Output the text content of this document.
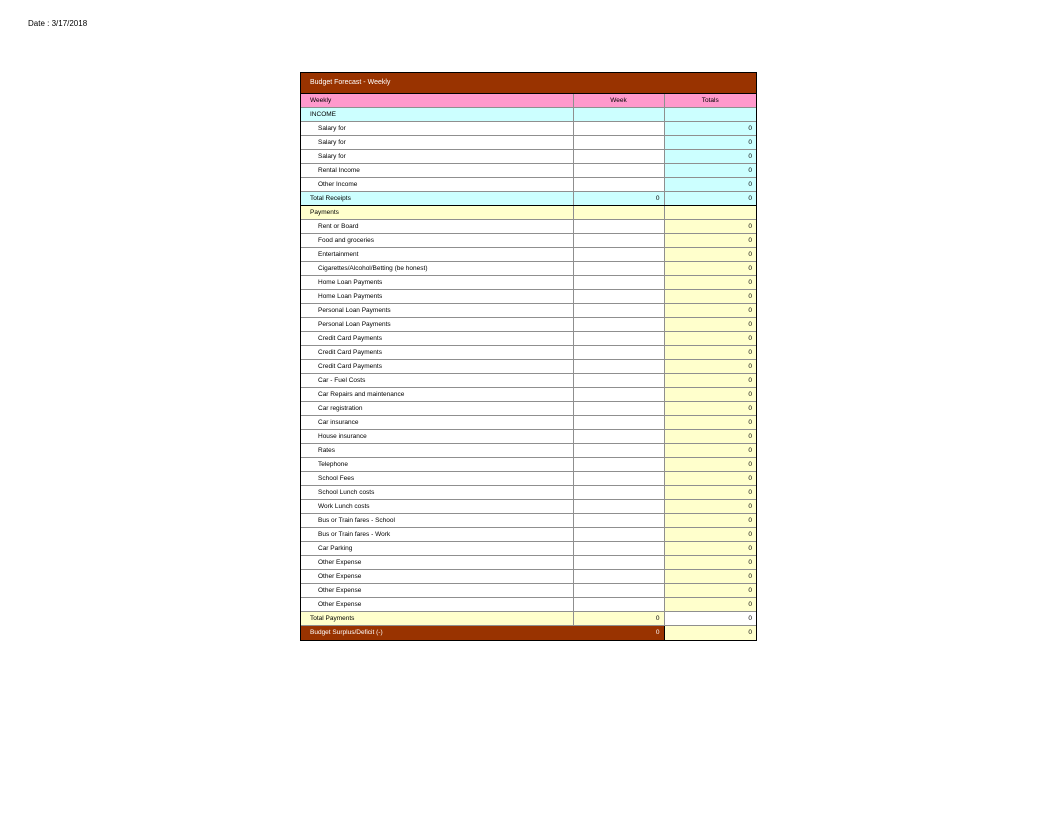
Date : 3/17/2018
Budget Forecast - Weekly
Weekly	Week	Totals
INCOME		
Salary for		0
Salary for		0
Salary for		0
Rental Income		0
Other Income		0
Total Receipts	0	0
Payments		
Rent or Board		0
Food and groceries		0
Entertainment		0
Cigarettes/Alcohol/Betting (be honest)		0
Home Loan Payments		0
Home Loan Payments		0
Personal Loan Payments		0
Personal Loan Payments		0
Credit Card Payments		0
Credit Card Payments		0
Credit Card Payments		0
Car - Fuel Costs		0
Car Repairs and maintenance		0
Car registration		0
Car insurance		0
House insurance		0
Rates		0
Telephone		0
School Fees		0
School Lunch costs		0
Work Lunch costs		0
Bus or Train fares - School		0
Bus or Train fares - Work		0
Car Parking		0
Other Expense		0
Other Expense		0
Other Expense		0
Other Expense		0
Total Payments	0	0
Budget Surplus/Deficit (-)	0	0
